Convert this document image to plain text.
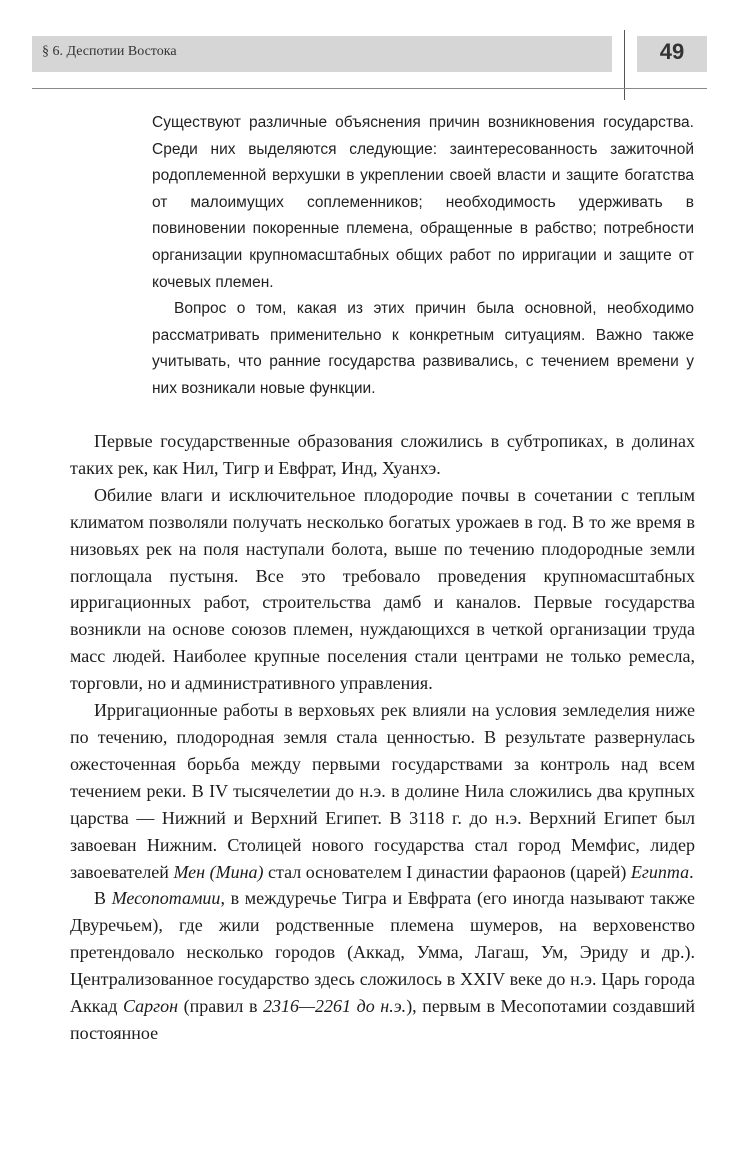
§ 6. Деспотии Востока	49

Существуют различные объяснения причин возникновения государства. Среди них выделяются следующие: заинтересованность зажиточной родоплеменной верхушки в укреплении своей власти и защите богатства от малоимущих соплеменников; необходимость удерживать в повиновении покоренные племена, обращенные в рабство; потребности организации крупномасштабных общих работ по ирригации и защите от кочевых племен.

Вопрос о том, какая из этих причин была основной, необходимо рассматривать применительно к конкретным ситуациям. Важно также учитывать, что ранние государства развивались, с течением времени у них возникали новые функции.

Первые государственные образования сложились в субтропиках, в долинах таких рек, как Нил, Тигр и Евфрат, Инд, Хуанхэ.

Обилие влаги и исключительное плодородие почвы в сочетании с теплым климатом позволяли получать несколько богатых урожаев в год. В то же время в низовьях рек на поля наступали болота, выше по течению плодородные земли поглощала пустыня. Все это требовало проведения крупномасштабных ирригационных работ, строительства дамб и каналов. Первые государства возникли на основе союзов племен, нуждающихся в четкой организации труда масс людей. Наиболее крупные поселения стали центрами не только ремесла, торговли, но и административного управления.

Ирригационные работы в верховьях рек влияли на условия земледелия ниже по течению, плодородная земля стала ценностью. В результате развернулась ожесточенная борьба между первыми государствами за контроль над всем течением реки. В IV тысячелетии до н.э. в долине Нила сложились два крупных царства — Нижний и Верхний Египет. В 3118 г. до н.э. Верхний Египет был завоеван Нижним. Столицей нового государства стал город Мемфис, лидер завоевателей Мен (Мина) стал основателем I династии фараонов (царей) Египта.

В Месопотамии, в междуречье Тигра и Евфрата (его иногда называют также Двуречьем), где жили родственные племена шумеров, на верховенство претендовало несколько городов (Аккад, Умма, Лагаш, Ум, Эриду и др.). Централизованное государство здесь сложилось в XXIV веке до н.э. Царь города Аккад Саргон (правил в 2316—2261 до н.э.), первым в Месопотамии создавший постоянное
